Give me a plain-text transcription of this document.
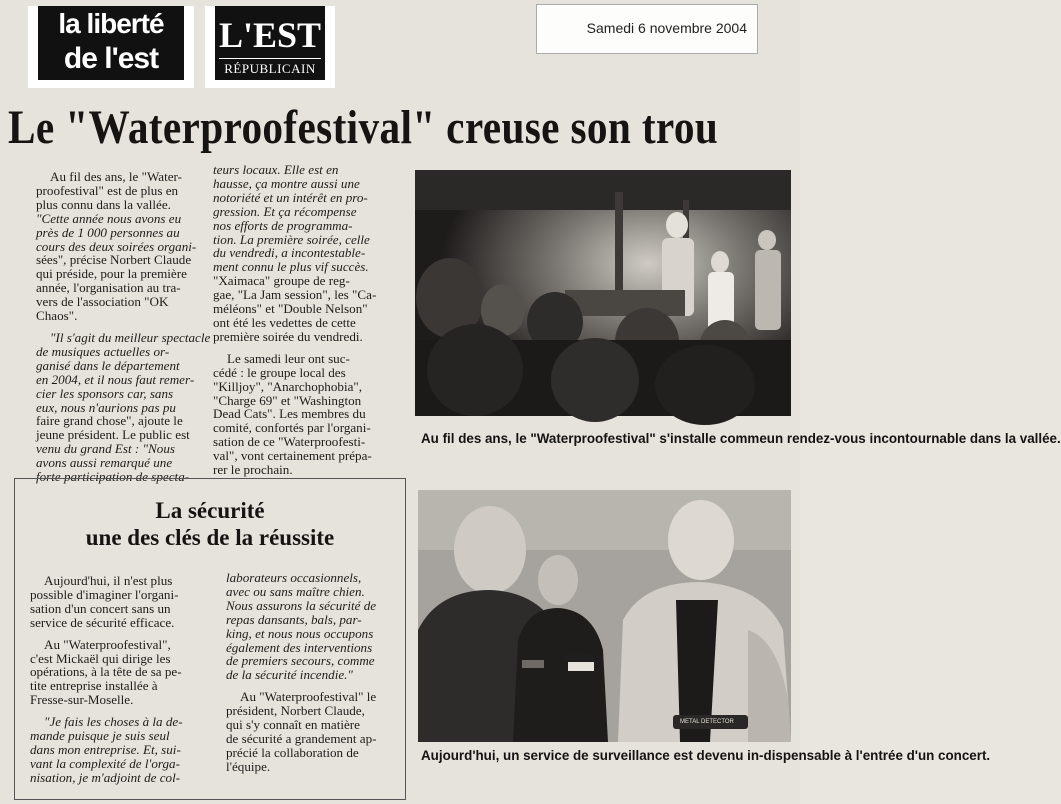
la liberté
de l'est
L'EST
RÉPUBLICAIN
Samedi 6 novembre 2004
Le "Waterproofestival" creuse son trou
Au fil des ans, le "Water-
proofestival" est de plus en
plus connu dans la vallée.
"Cette année nous avons eu
près de 1 000 personnes au
cours des deux soirées organi-
sées", précise Norbert Claude
qui préside, pour la première
année, l'organisation au tra-
vers de l'association "OK
Chaos".
"Il s'agit du meilleur spectacle
de musiques actuelles or-
ganisé dans le département
en 2004, et il nous faut remer-
cier les sponsors car, sans
eux, nous n'aurions pas pu
faire grand chose", ajoute le
jeune président. Le public est
venu du grand Est : "Nous
avons aussi remarqué une
forte participation de specta-
teurs locaux. Elle est en
hausse, ça montre aussi une
notoriété et un intérêt en pro-
gression. Et ça récompense
nos efforts de programma-
tion. La première soirée, celle
du vendredi, a incontestable-
ment connu le plus vif succès.
"Xaimaca" groupe de reg-
gae, "La Jam session", les "Ca-
méléons" et "Double Nelson"
ont été les vedettes de cette
première soirée du vendredi.
Le samedi leur ont suc-
cédé : le groupe local des
"Killjoy", "Anarchophobia",
"Charge 69" et "Washington
Dead Cats". Les membres du
comité, confortés par l'organi-
sation de ce "Waterproofesti-
val", vont certainement prépa-
rer le prochain.
Au fil des ans, le "Waterproofestival" s'installe commeun rendez-vous incontournable dans la vallée.
La sécurité
une des clés de la réussite
Aujourd'hui, il n'est plus
possible d'imaginer l'organi-
sation d'un concert sans un
service de sécurité efficace.
Au "Waterproofestival",
c'est Mickaël qui dirige les
opérations, à la tête de sa pe-
tite entreprise installée à
Fresse-sur-Moselle.
"Je fais les choses à la de-
mande puisque je suis seul
dans mon entreprise. Et, sui-
vant la complexité de l'orga-
nisation, je m'adjoint de col-
laborateurs occasionnels,
avec ou sans maître chien.
Nous assurons la sécurité de
repas dansants, bals, par-
king, et nous nous occupons
également des interventions
de premiers secours, comme
de la sécurité incendie."
Au "Waterproofestival" le
président, Norbert Claude,
qui s'y connaît en matière
de sécurité a grandement ap-
précié la collaboration de
l'équipe.
SÉCURITÉ
METAL DETECTOR
Aujourd'hui, un service de surveillance est devenu in-dispensable à l'entrée d'un concert.
